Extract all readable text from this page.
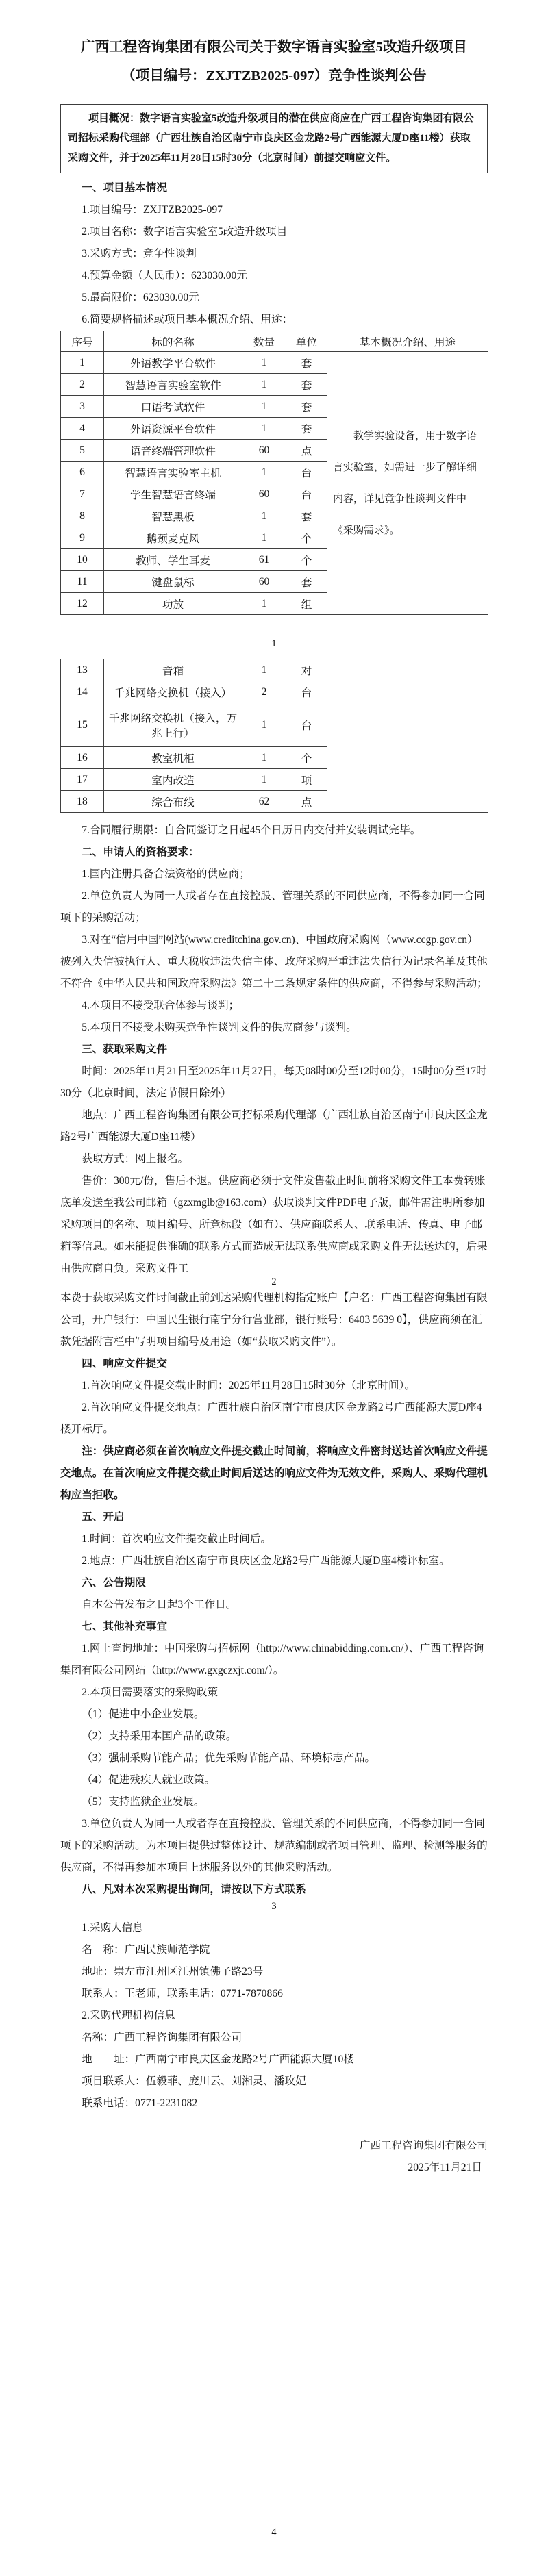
广西工程咨询集团有限公司关于数字语言实验室5改造升级项目
（项目编号：ZXJTZB2025-097）竞争性谈判公告

项目概况：数字语言实验室5改造升级项目的潜在供应商应在广西工程咨询集团有限公司招标采购代理部（广西壮族自治区南宁市良庆区金龙路2号广西能源大厦D座11楼）获取采购文件，并于2025年11月28日15时30分（北京时间）前提交响应文件。

一、项目基本情况

1.项目编号：ZXJTZB2025-097

2.项目名称：数字语言实验室5改造升级项目

3.采购方式：竞争性谈判

4.预算金额（人民币）：623030.00元

5.最高限价：623030.00元

6.简要规格描述或项目基本概况介绍、用途：

序号	标的名称	数量	单位	基本概况介绍、用途
1	外语教学平台软件	1	套	教学实验设备，用于数字语言实验室，如需进一步了解详细内容，详见竞争性谈判文件中《采购需求》。
2	智慧语言实验室软件	1	套	
3	口语考试软件	1	套	
4	外语资源平台软件	1	套	
5	语音终端管理软件	60	点	
6	智慧语言实验室主机	1	台	
7	学生智慧语言终端	60	台	
8	智慧黑板	1	套	
9	鹅颈麦克风	1	个	
10	教师、学生耳麦	61	个	
11	键盘鼠标	60	套	
12	功放	1	组	
1
13	音箱	1	对	
14	千兆网络交换机（接入）	2	台	
15	千兆网络交换机（接入，万兆上行）	1	台	
16	教室机柜	1	个	
17	室内改造	1	项	
18	综合布线	62	点	

7.合同履行期限：自合同签订之日起45个日历日内交付并安装调试完毕。

二、申请人的资格要求：

1.国内注册具备合法资格的供应商；

2.单位负责人为同一人或者存在直接控股、管理关系的不同供应商，不得参加同一合同项下的采购活动；

3.对在“信用中国”网站(www.creditchina.gov.cn)、中国政府采购网（www.ccgp.gov.cn）被列入失信被执行人、重大税收违法失信主体、政府采购严重违法失信行为记录名单及其他不符合《中华人民共和国政府采购法》第二十二条规定条件的供应商，不得参与采购活动；

4.本项目不接受联合体参与谈判；

5.本项目不接受未购买竞争性谈判文件的供应商参与谈判。

三、获取采购文件

时间：2025年11月21日至2025年11月27日，每天08时00分至12时00分，15时00分至17时30分（北京时间，法定节假日除外）

地点：广西工程咨询集团有限公司招标采购代理部（广西壮族自治区南宁市良庆区金龙路2号广西能源大厦D座11楼）

获取方式：网上报名。

售价：300元/份，售后不退。供应商必须于文件发售截止时间前将采购文件工本费转账底单发送至我公司邮箱（gzxmglb@163.com）获取谈判文件PDF电子版，邮件需注明所参加采购项目的名称、项目编号、所竞标段（如有）、供应商联系人、联系电话、传真、电子邮箱等信息。如未能提供准确的联系方式而造成无法联系供应商或采购文件无法送达的，后果由供应商自负。采购文件工

2

本费于获取采购文件时间截止前到达采购代理机构指定账户【户名：广西工程咨询集团有限公司，开户银行：中国民生银行南宁分行营业部，银行账号：6403 5639 0】，供应商须在汇款凭据附言栏中写明项目编号及用途（如“获取采购文件”）。

四、响应文件提交

1.首次响应文件提交截止时间：2025年11月28日15时30分（北京时间）。

2.首次响应文件提交地点：广西壮族自治区南宁市良庆区金龙路2号广西能源大厦D座4楼开标厅。

注：供应商必须在首次响应文件提交截止时间前，将响应文件密封送达首次响应文件提交地点。在首次响应文件提交截止时间后送达的响应文件为无效文件，采购人、采购代理机构应当拒收。

五、开启

1.时间：首次响应文件提交截止时间后。

2.地点：广西壮族自治区南宁市良庆区金龙路2号广西能源大厦D座4楼评标室。

六、公告期限

自本公告发布之日起3个工作日。

七、其他补充事宜

1.网上查询地址：中国采购与招标网（http://www.chinabidding.com.cn/）、广西工程咨询集团有限公司网站（http://www.gxgczxjt.com/）。

2.本项目需要落实的采购政策

（1）促进中小企业发展。

（2）支持采用本国产品的政策。

（3）强制采购节能产品；优先采购节能产品、环境标志产品。

（4）促进残疾人就业政策。

（5）支持监狱企业发展。

3.单位负责人为同一人或者存在直接控股、管理关系的不同供应商，不得参加同一合同项下的采购活动。为本项目提供过整体设计、规范编制或者项目管理、监理、检测等服务的供应商，不得再参加本项目上述服务以外的其他采购活动。

八、凡对本次采购提出询问，请按以下方式联系

3

1.采购人信息

名　称：广西民族师范学院

地址：崇左市江州区江州镇佛子路23号

联系人：王老师，联系电话：0771-7870866

2.采购代理机构信息

名称：广西工程咨询集团有限公司

地　　址：广西南宁市良庆区金龙路2号广西能源大厦10楼

项目联系人：伍毅菲、庞川云、刘湘灵、潘玫妃

联系电话：0771-2231082

广西工程咨询集团有限公司

2025年11月21日

4
